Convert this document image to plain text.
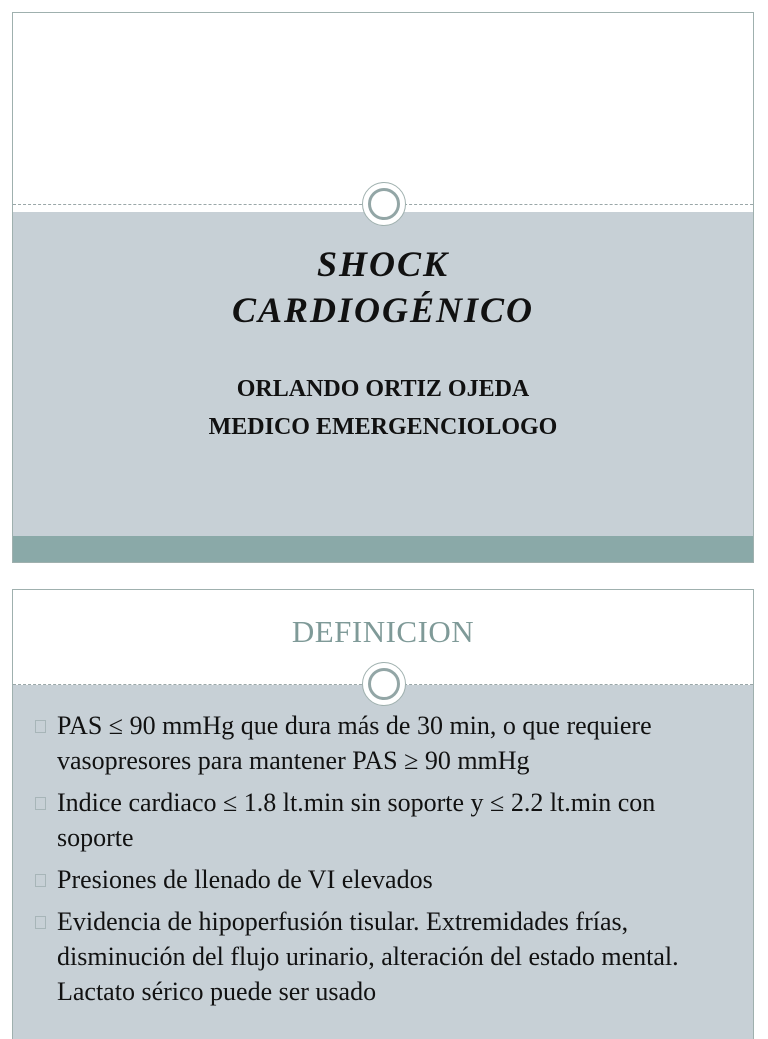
SHOCK
CARDIOGÉNICO
ORLANDO ORTIZ OJEDA
MEDICO EMERGENCIOLOGO
DEFINICION
PAS ≤ 90 mmHg que dura más de 30 min, o que requiere vasopresores para mantener PAS ≥ 90 mmHg
Indice cardiaco ≤ 1.8 lt.min sin soporte y ≤ 2.2 lt.min con soporte
Presiones de llenado de VI elevados
Evidencia de hipoperfusión tisular. Extremidades frías, disminución del flujo urinario, alteración del estado mental. Lactato sérico puede ser usado
